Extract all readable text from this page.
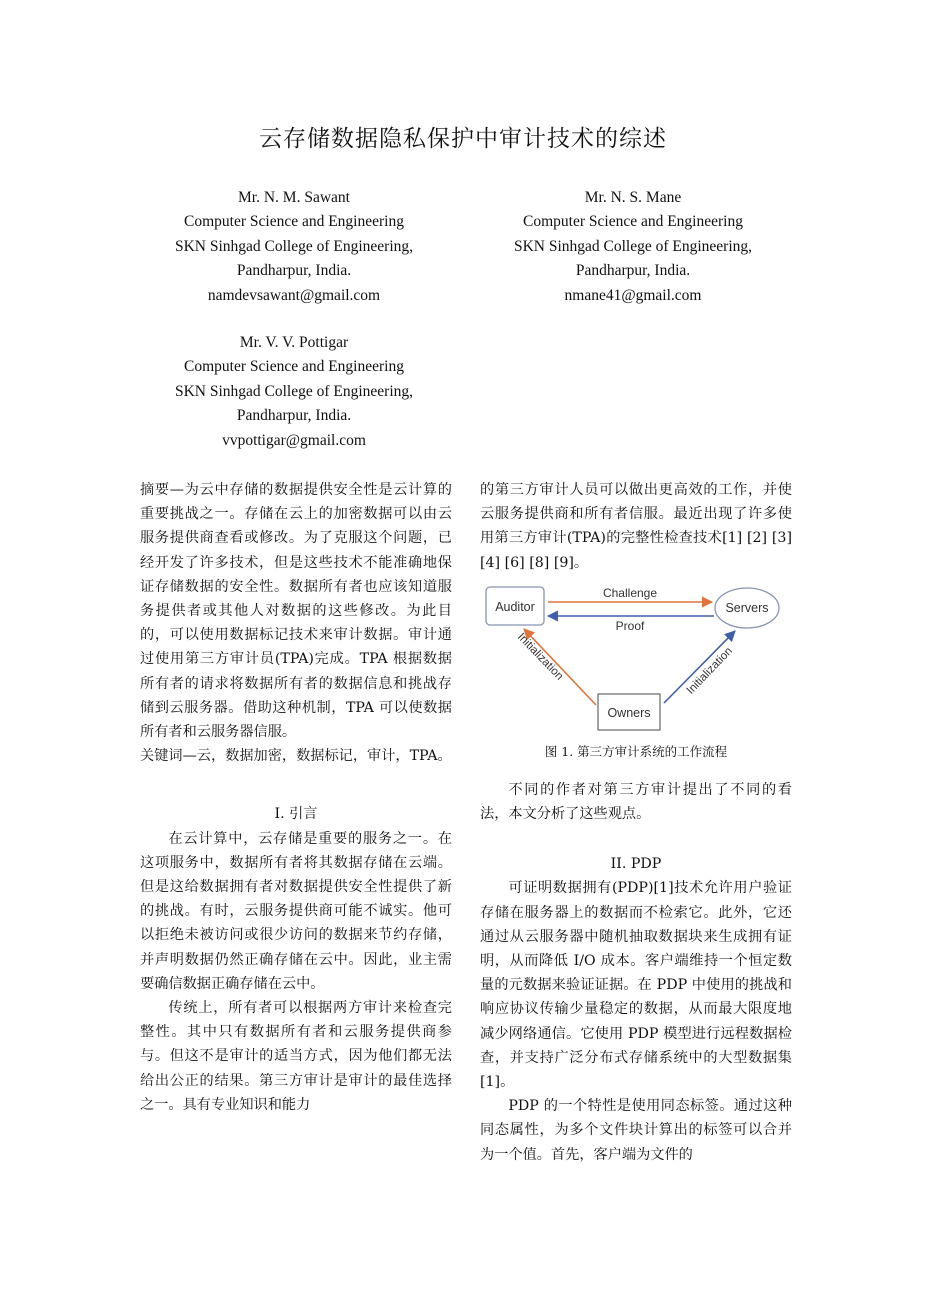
云存储数据隐私保护中审计技术的综述
Mr. N. M. Sawant
Computer Science and Engineering
SKN Sinhgad College of Engineering,
Pandharpur, India.
namdevsawant@gmail.com
Mr. N. S. Mane
Computer Science and Engineering
SKN Sinhgad College of Engineering,
Pandharpur, India.
nmane41@gmail.com
Mr. V. V. Pottigar
Computer Science and Engineering
SKN Sinhgad College of Engineering,
Pandharpur, India.
vvpottigar@gmail.com

摘要—为云中存储的数据提供安全性是云计算的重要挑战之一。存储在云上的加密数据可以由云服务提供商查看或修改。为了克服这个问题，已经开发了许多技术，但是这些技术不能准确地保证存储数据的安全性。数据所有者也应该知道服务提供者或其他人对数据的这些修改。为此目的，可以使用数据标记技术来审计数据。审计通过使用第三方审计员(TPA)完成。TPA 根据数据所有者的请求将数据所有者的数据信息和挑战存储到云服务器。借助这种机制，TPA 可以使数据所有者和云服务器信服。

关键词—云，数据加密，数据标记，审计，TPA。

I. 引言

在云计算中，云存储是重要的服务之一。在这项服务中，数据所有者将其数据存储在云端。 但是这给数据拥有者对数据提供安全性提供了新的挑战。有时，云服务提供商可能不诚实。他可以拒绝未被访问或很少访问的数据来节约存储，并声明数据仍然正确存储在云中。因此，业主需要确信数据正确存储在云中。

传统上，所有者可以根据两方审计来检查完整性。其中只有数据所有者和云服务提供商参与。但这不是审计的适当方式，因为他们都无法给出公正的结果。第三方审计是审计的最佳选择之一。具有专业知识和能力

的第三方审计人员可以做出更高效的工作，并使云服务提供商和所有者信服。最近出现了许多使用第三方审计(TPA)的完整性检查技术[1] [2] [3] [4] [6] [8] [9]。

Auditor	Servers
Owners
Challenge
Proof
Initialization	Initialization

图 1. 第三方审计系统的工作流程

不同的作者对第三方审计提出了不同的看法，本文分析了这些观点。

II. PDP

可证明数据拥有(PDP)[1]技术允许用户验证存储在服务器上的数据而不检索它。此外，它还通过从云服务器中随机抽取数据块来生成拥有证明，从而降低 I/O 成本。客户端维持一个恒定数量的元数据来验证证据。在 PDP 中使用的挑战和响应协议传输少量稳定的数据，从而最大限度地减少网络通信。它使用 PDP 模型进行远程数据检查，并支持广泛分布式存储系统中的大型数据集[1]。

PDP 的一个特性是使用同态标签。通过这种同态属性，为多个文件块计算出的标签可以合并为一个值。首先，客户端为文件的
